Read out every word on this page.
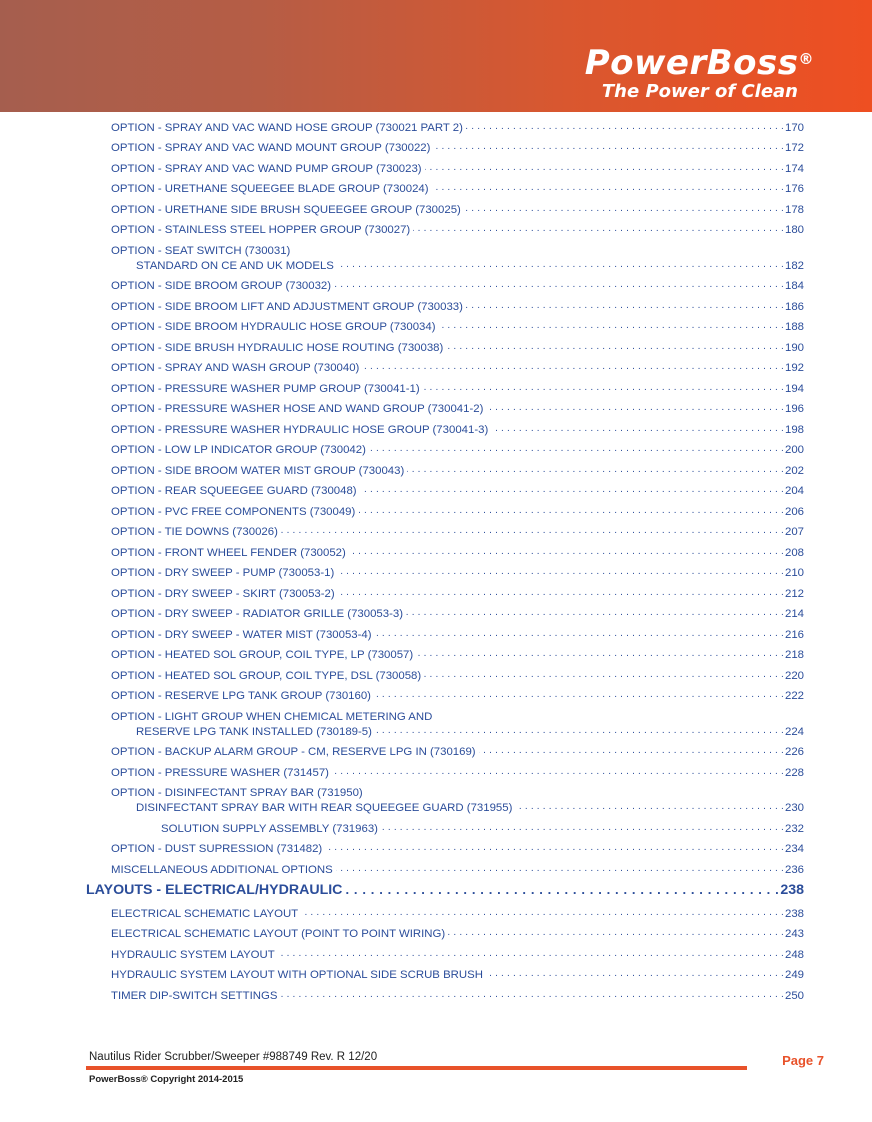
PowerBoss®
The Power of Clean
OPTION - SPRAY AND VAC WAND HOSE GROUP (730021 PART 2) . . .	170
OPTION - SPRAY AND VAC WAND MOUNT GROUP (730022) . . .	172
OPTION - SPRAY AND VAC WAND PUMP GROUP (730023) . . .	174
OPTION - URETHANE SQUEEGEE BLADE GROUP (730024) . . .	176
OPTION - URETHANE SIDE BRUSH SQUEEGEE GROUP (730025) . . .	178
OPTION - STAINLESS STEEL HOPPER GROUP (730027) . . .	180
OPTION - SEAT SWITCH (730031)
STANDARD ON CE AND UK MODELS . . .	182
OPTION - SIDE BROOM GROUP (730032) . . .	184
OPTION - SIDE BROOM LIFT AND ADJUSTMENT GROUP (730033) . . .	186
OPTION - SIDE BROOM HYDRAULIC HOSE GROUP (730034) . . .	188
OPTION - SIDE BRUSH HYDRAULIC HOSE ROUTING (730038) . . .	190
OPTION - SPRAY AND WASH GROUP (730040) . . .	192
OPTION - PRESSURE WASHER PUMP GROUP (730041-1) . . .	194
OPTION - PRESSURE WASHER HOSE AND WAND GROUP (730041-2) . . .	196
OPTION - PRESSURE WASHER HYDRAULIC HOSE GROUP (730041-3) . . .	198
OPTION - LOW LP INDICATOR GROUP (730042) . . .	200
OPTION - SIDE BROOM WATER MIST GROUP (730043) . . .	202
OPTION - REAR SQUEEGEE GUARD (730048) . . .	204
OPTION - PVC FREE COMPONENTS (730049) . . .	206
OPTION - TIE DOWNS (730026) . . .	207
OPTION - FRONT WHEEL FENDER (730052) . . .	208
OPTION - DRY SWEEP - PUMP (730053-1) . . .	210
OPTION - DRY SWEEP - SKIRT (730053-2) . . .	212
OPTION - DRY SWEEP - RADIATOR GRILLE (730053-3) . . .	214
OPTION - DRY SWEEP - WATER MIST (730053-4) . . .	216
OPTION - HEATED SOL GROUP, COIL TYPE, LP (730057) . . .	218
OPTION - HEATED SOL GROUP, COIL TYPE, DSL (730058) . . .	220
OPTION - RESERVE LPG TANK GROUP (730160) . . .	222
OPTION - LIGHT GROUP WHEN CHEMICAL METERING AND
RESERVE LPG TANK INSTALLED (730189-5) . . .	224
OPTION - BACKUP ALARM GROUP - CM, RESERVE LPG IN (730169) . . .	226
OPTION - PRESSURE WASHER (731457) . . .	228
OPTION - DISINFECTANT SPRAY BAR (731950)
DISINFECTANT SPRAY BAR WITH REAR SQUEEGEE GUARD (731955) . . .	230
SOLUTION SUPPLY ASSEMBLY (731963) . . .	232
OPTION - DUST SUPRESSION (731482) . . .	234
MISCELLANEOUS ADDITIONAL OPTIONS . . .	236
LAYOUTS - ELECTRICAL/HYDRAULIC . . .	238
ELECTRICAL SCHEMATIC LAYOUT . . .	238
ELECTRICAL SCHEMATIC LAYOUT (POINT TO POINT WIRING) . . .	243
HYDRAULIC SYSTEM LAYOUT . . .	248
HYDRAULIC SYSTEM LAYOUT WITH OPTIONAL SIDE SCRUB BRUSH . . .	249
TIMER DIP-SWITCH SETTINGS . . .	250
Nautilus Rider Scrubber/Sweeper #988749 Rev. R 12/20	Page 7
PowerBoss® Copyright 2014-2015
